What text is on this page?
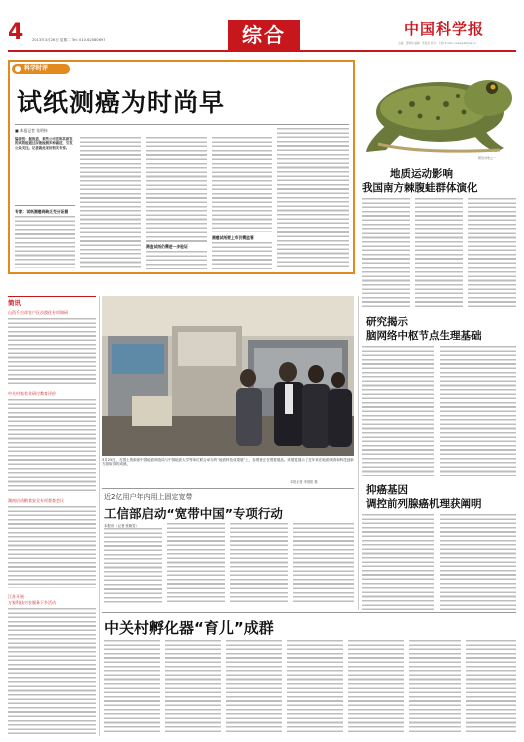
4 2013年3月26日 星期二 Tel: 010-62580697	综合	中国科学报
主编：张明伟 编辑：郑金武 校对：王晓 E-mail: news@stimes.cn
科学时评
试纸测癌为时尚早
■ 本报记者 张明伟
编者按：据报道，某些公司宣称其研发的试纸能通过尿液检测多种癌症，引发公众关注。记者就此采访相关专家。
专家：试纸测癌尚缺乏充分证据
筛查试纸仍需进一步验证
测癌试纸要上市仍需监管
研究对象之一
地质运动影响
我国南方棘腹蛙群体演化
研究揭示
脑网络中枢节点生理基础
抑癌基因
调控前列腺癌机理获阐明
简讯
山西千吉祥农户区沙漠化专项调研
中关村家有业研讨教育评价
湖南启动粮食安全专项督查会议
江苏开展
万家科技兴农服务下乡活动
3月25日，在国土资源部中国地质调查局与中国地质大学等单位联合举办的“地质科技成果展”上，参观者正在观看展品。该展览展示了近年来在地质调查和科技创新方面取得的成就。
本报记者 李晨阳 摄
近2亿用户年内用上固定宽带
工信部启动“宽带中国”专项行动
本报讯（记者 张晓雪）
中关村孵化器“育儿”成群
